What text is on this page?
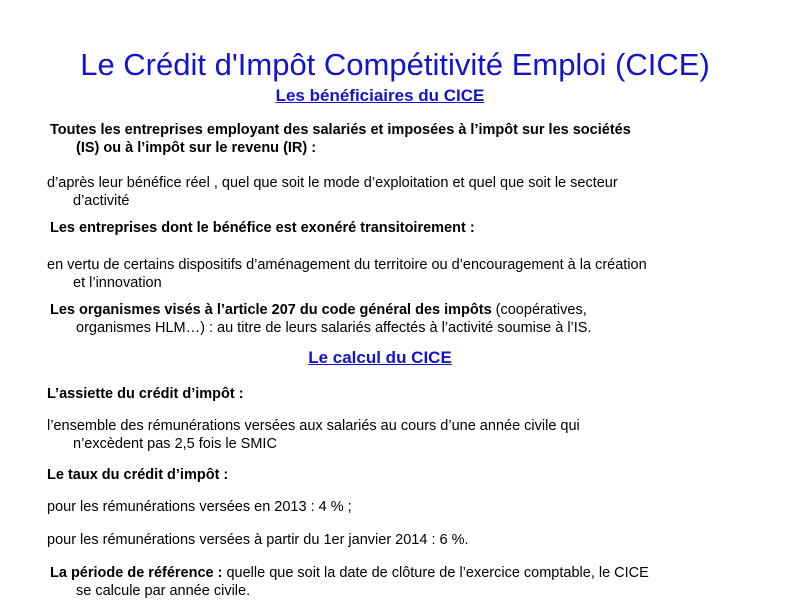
Le Crédit d'Impôt Compétitivité Emploi (CICE)
Les bénéficiaires du CICE
Toutes les entreprises employant des salariés et imposées à l’impôt sur les sociétés
(IS) ou à l’impôt sur le revenu (IR) :
d’après leur bénéfice réel , quel que soit le mode d’exploitation et quel que soit le secteur
d’activité
Les entreprises dont le bénéfice est exonéré transitoirement :
en vertu de certains dispositifs d’aménagement du territoire ou d’encouragement à la création
et l’innovation
Les organismes visés à l’article 207 du code général des impôts (coopératives,
organismes HLM…) : au titre de leurs salariés affectés à l’activité soumise à l’IS.
Le calcul du CICE
L’assiette du crédit d’impôt :
l’ensemble des rémunérations versées aux salariés au cours d’une année civile qui
n’excèdent pas 2,5 fois le SMIC
Le taux du crédit d’impôt :
pour les rémunérations versées en 2013 : 4 % ;
pour les rémunérations versées à partir du 1er janvier 2014 : 6 %.
La période de référence : quelle que soit la date de clôture de l’exercice comptable, le CICE
se calcule par année civile.
